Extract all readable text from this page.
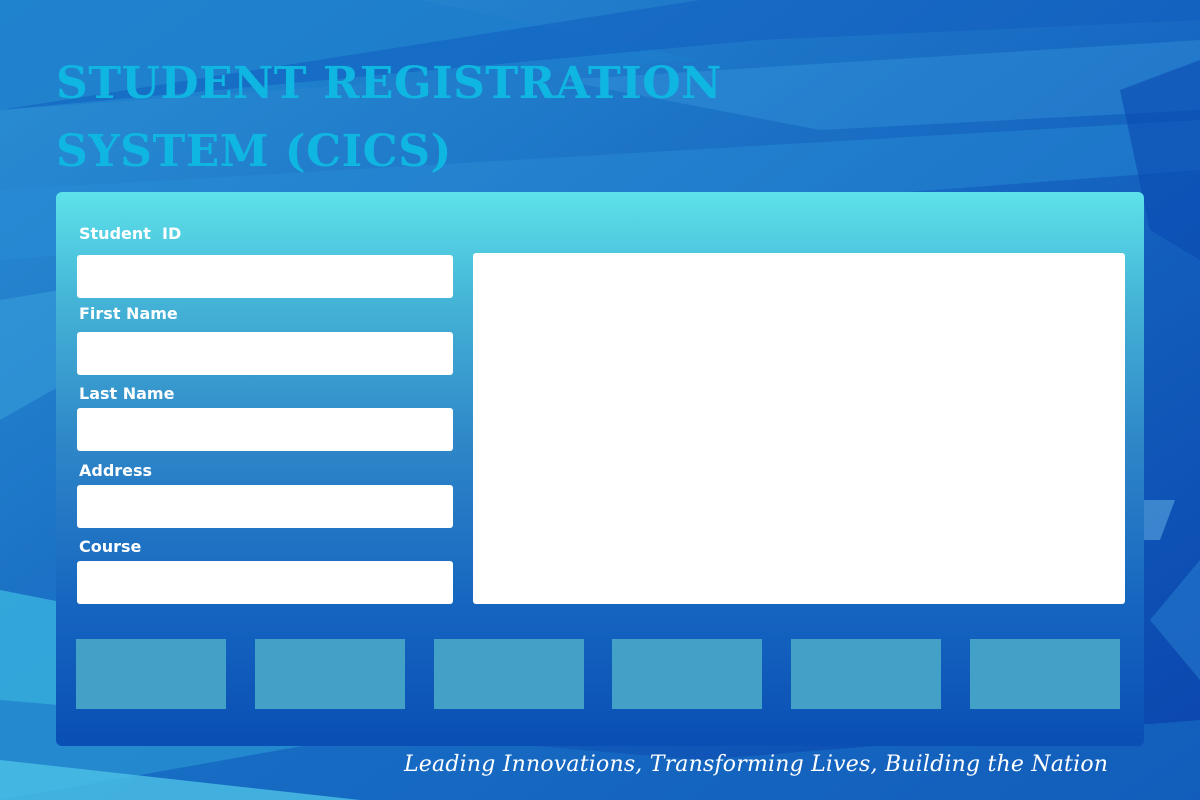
STUDENT REGISTRATION
SYSTEM (CICS)

Student  ID

First Name

Last Name

Address

Course

Leading Innovations, Transforming Lives, Building the Nation
